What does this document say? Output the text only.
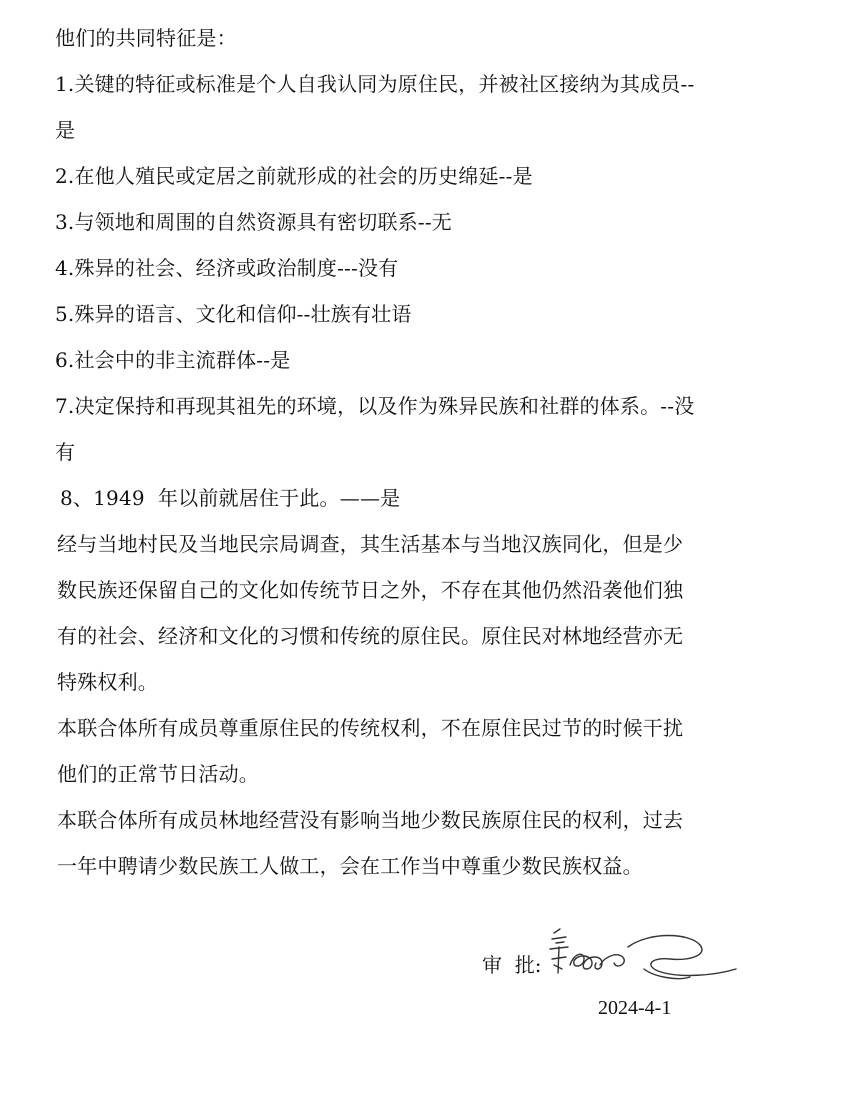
他们的共同特征是：
1.关键的特征或标准是个人自我认同为原住民，并被社区接纳为其成员--
是
2.在他人殖民或定居之前就形成的社会的历史绵延--是
3.与领地和周围的自然资源具有密切联系--无
4.殊异的社会、经济或政治制度---没有
5.殊异的语言、文化和信仰--壮族有壮语
6.社会中的非主流群体--是
7.决定保持和再现其祖先的环境，以及作为殊异民族和社群的体系。--没
有
8、1949  年以前就居住于此。——是
经与当地村民及当地民宗局调查，其生活基本与当地汉族同化，但是少
数民族还保留自己的文化如传统节日之外，不存在其他仍然沿袭他们独
有的社会、经济和文化的习惯和传统的原住民。原住民对林地经营亦无
特殊权利。
本联合体所有成员尊重原住民的传统权利，不在原住民过节的时候干扰
他们的正常节日活动。
本联合体所有成员林地经营没有影响当地少数民族原住民的权利，过去
一年中聘请少数民族工人做工，会在工作当中尊重少数民族权益。
审  批:
2024-4-1
